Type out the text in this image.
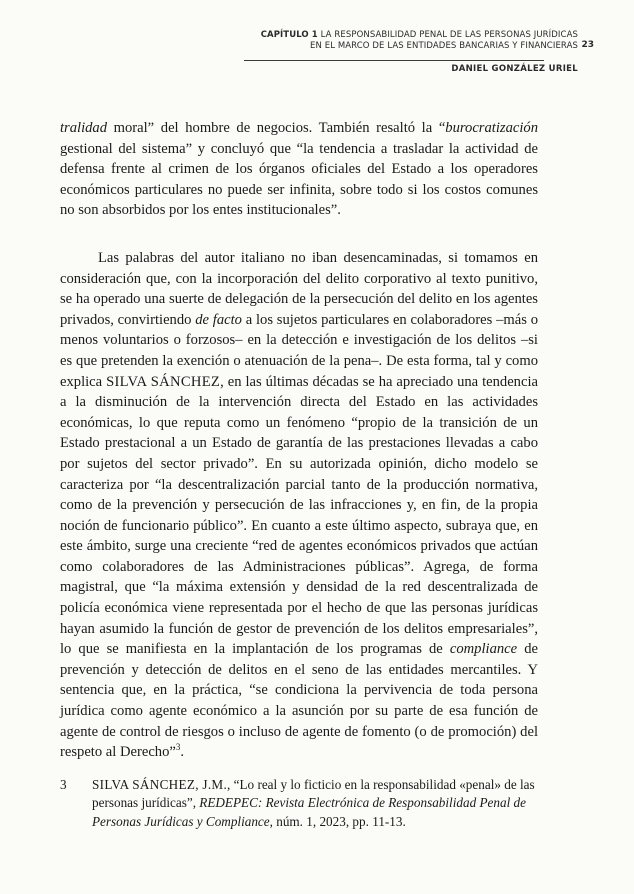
CAPÍTULO 1 LA RESPONSABILIDAD PENAL DE LAS PERSONAS JURÍDICAS
EN EL MARCO DE LAS ENTIDADES BANCARIAS Y FINANCIERAS
DANIEL GONZÁLEZ URIEL
23

tralidad moral” del hombre de negocios. También resaltó la “burocratización gestional del sistema” y concluyó que “la tendencia a trasladar la actividad de defensa frente al crimen de los órganos oficiales del Estado a los operadores económicos particulares no puede ser infinita, sobre todo si los costos comunes no son absorbidos por los entes institucionales”.

Las palabras del autor italiano no iban desencaminadas, si tomamos en consideración que, con la incorporación del delito corporativo al texto punitivo, se ha operado una suerte de delegación de la persecución del delito en los agentes privados, convirtiendo de facto a los sujetos particulares en colaboradores –más o menos voluntarios o forzosos– en la detección e investigación de los delitos –si es que pretenden la exención o atenuación de la pena–. De esta forma, tal y como explica SILVA SÁNCHEZ, en las últimas décadas se ha apreciado una tendencia a la disminución de la intervención directa del Estado en las actividades económicas, lo que reputa como un fenómeno “propio de la transición de un Estado prestacional a un Estado de garantía de las prestaciones llevadas a cabo por sujetos del sector privado”. En su autorizada opinión, dicho modelo se caracteriza por “la descentralización parcial tanto de la producción normativa, como de la prevención y persecución de las infracciones y, en fin, de la propia noción de funcionario público”. En cuanto a este último aspecto, subraya que, en este ámbito, surge una creciente “red de agentes económicos privados que actúan como colaboradores de las Administraciones públicas”. Agrega, de forma magistral, que “la máxima extensión y densidad de la red descentralizada de policía económica viene representada por el hecho de que las personas jurídicas hayan asumido la función de gestor de prevención de los delitos empresariales”, lo que se manifiesta en la implantación de los programas de compliance de prevención y detección de delitos en el seno de las entidades mercantiles. Y sentencia que, en la práctica, “se condiciona la pervivencia de toda persona jurídica como agente económico a la asunción por su parte de esa función de agente de control de riesgos o incluso de agente de fomento (o de promoción) del respeto al Derecho”$^3$.

3 SILVA SÁNCHEZ, J.M., “Lo real y lo ficticio en la responsabilidad «penal» de las personas jurídicas”, REDEPEC: Revista Electrónica de Responsabilidad Penal de Personas Jurídicas y Compliance, núm. 1, 2023, pp. 11-13.
